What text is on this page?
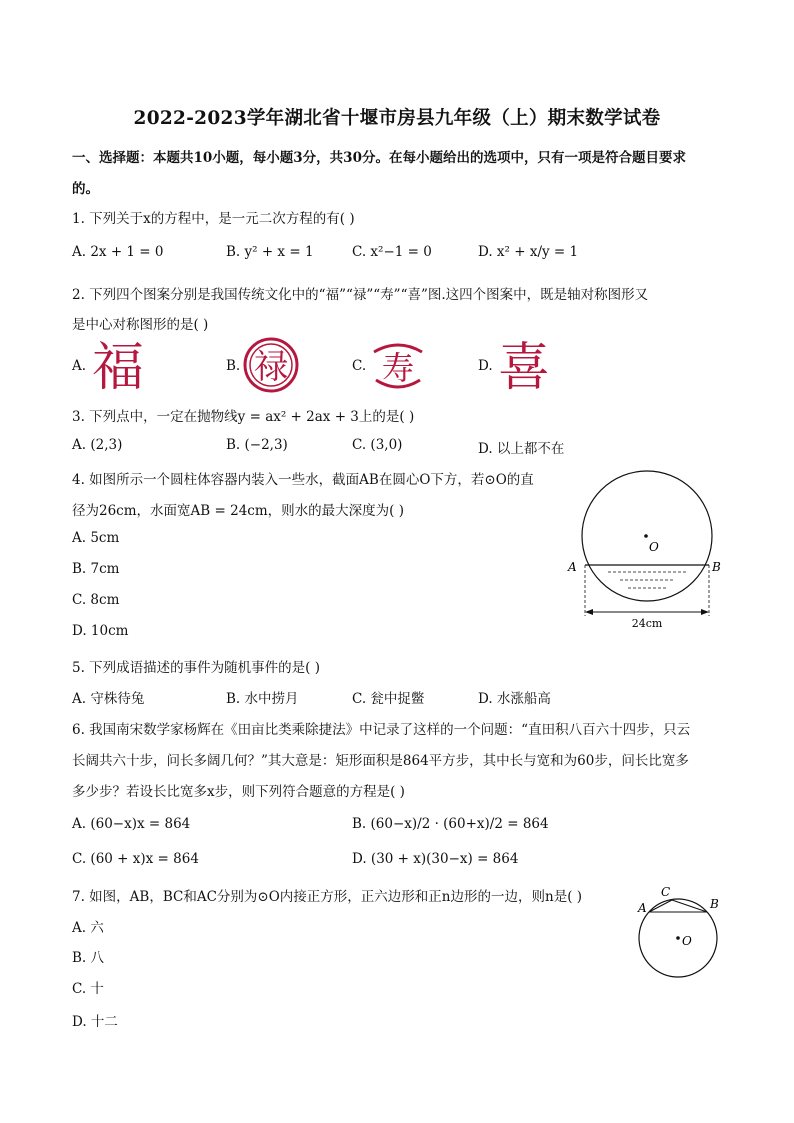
2022-2023学年湖北省十堰市房县九年级（上）期末数学试卷
一、选择题：本题共10小题，每小题3分，共30分。在每小题给出的选项中，只有一项是符合题目要求
的。
1. 下列关于x的方程中，是一元二次方程的有( )
A. 2x + 1 = 0	B. y² + x = 1	C. x²−1 = 0	D. x² + x/y = 1
2. 下列四个图案分别是我国传统文化中的“福”“禄”“寿”“喜”图.这四个图案中，既是轴对称图形又
是中心对称图形的是( )
A. 福	B. 禄	C. 寿	D. 喜
3. 下列点中，一定在抛物线y = ax² + 2ax + 3上的是( )
A. (2,3)	B. (−2,3)	C. (3,0)	D. 以上都不在
4. 如图所示一个圆柱体容器内装入一些水，截面AB在圆心O下方，若⊙O的直
径为26cm，水面宽AB = 24cm，则水的最大深度为( )
A. 5cm
B. 7cm
C. 8cm
D. 10cm
O
A	B
24cm
5. 下列成语描述的事件为随机事件的是( )
A. 守株待兔	B. 水中捞月	C. 瓮中捉鳖	D. 水涨船高
6. 我国南宋数学家杨辉在《田亩比类乘除捷法》中记录了这样的一个问题：“直田积八百六十四步，只云
长阔共六十步，问长多阔几何？”其大意是：矩形面积是864平方步，其中长与宽和为60步，问长比宽多
多少步？若设长比宽多x步，则下列符合题意的方程是( )
A. (60−x)x = 864	B. (60−x)/2 · (60+x)/2 = 864
C. (60 + x)x = 864	D. (30 + x)(30−x) = 864
7. 如图，AB，BC和AC分别为⊙O内接正方形，正六边形和正n边形的一边，则n是( )
A. 六
B. 八
C. 十
D. 十二
O
A	B
C
